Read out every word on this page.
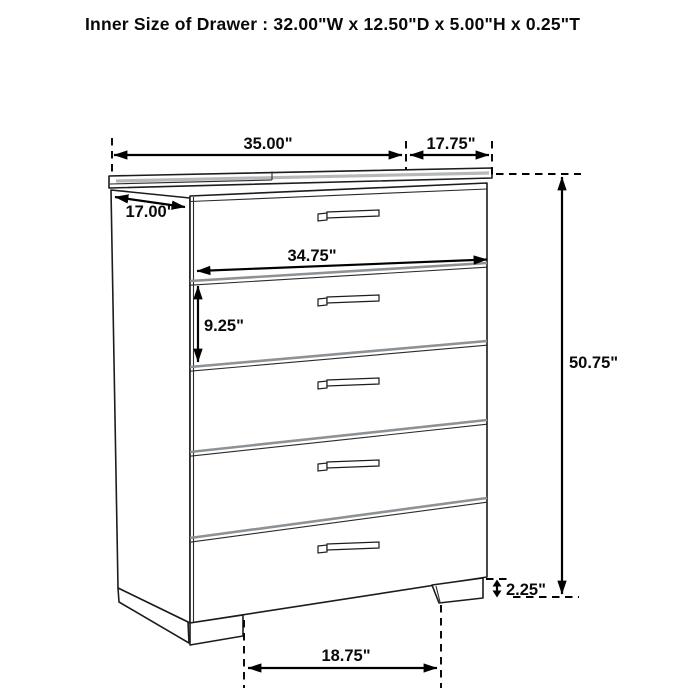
Inner Size of Drawer : 32.00"W x 12.50"D x 5.00"H x 0.25"T
35.00"	17.75"
17.00"
34.75"
9.25"
50.75"
2.25"
18.75"
